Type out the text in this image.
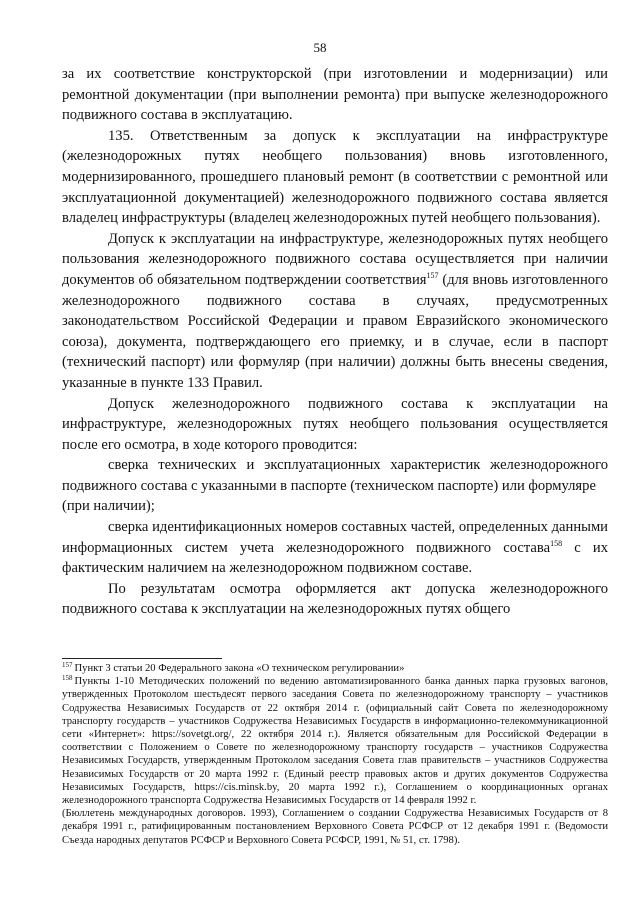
58

за их соответствие конструкторской (при изготовлении и модернизации) или ремонтной документации (при выполнении ремонта) при выпуске железнодорожного подвижного состава в эксплуатацию.

135. Ответственным за допуск к эксплуатации на инфраструктуре (железнодорожных путях необщего пользования) вновь изготовленного, модернизированного, прошедшего плановый ремонт (в соответствии с ремонтной или эксплуатационной документацией) железнодорожного подвижного состава является владелец инфраструктуры (владелец железнодорожных путей необщего пользования).

Допуск к эксплуатации на инфраструктуре, железнодорожных путях необщего пользования железнодорожного подвижного состава осуществляется при наличии документов об обязательном подтверждении соответствия$^{157}$ (для вновь изготовленного железнодорожного подвижного состава в случаях, предусмотренных законодательством Российской Федерации и правом Евразийского экономического союза), документа, подтверждающего его приемку, и в случае, если в паспорт (технический паспорт) или формуляр (при наличии) должны быть внесены сведения, указанные в пункте 133 Правил.

Допуск железнодорожного подвижного состава к эксплуатации на инфраструктуре, железнодорожных путях необщего пользования осуществляется после его осмотра, в ходе которого проводится:

сверка технических и эксплуатационных характеристик железнодорожного подвижного состава с указанными в паспорте (техническом паспорте) или формуляре

(при наличии);

сверка идентификационных номеров составных частей, определенных данными информационных систем учета железнодорожного подвижного состава$^{158}$ с их фактическим наличием на железнодорожном подвижном составе.

По результатам осмотра оформляется акт допуска железнодорожного подвижного состава к эксплуатации на железнодорожных путях общего

$^{157}$ Пункт 3 статьи 20 Федерального закона «О техническом регулировании»

$^{158}$ Пункты 1-10 Методических положений по ведению автоматизированного банка данных парка грузовых вагонов, утвержденных Протоколом шестьдесят первого заседания Совета по железнодорожному транспорту – участников Содружества Независимых Государств от 22 октября 2014 г. (официальный сайт Совета по железнодорожному транспорту государств – участников Содружества Независимых Государств в информационно-телекоммуникационной сети «Интернет»: https://sovetgt.org/, 22 октября 2014 г.). Является обязательным для Российской Федерации в соответствии с Положением о Совете по железнодорожному транспорту государств – участников Содружества Независимых Государств, утвержденным Протоколом заседания Совета глав правительств – участников Содружества Независимых Государств от 20 марта 1992 г. (Единый реестр правовых актов и других документов Содружества Независимых Государств, https://cis.minsk.by, 20 марта 1992 г.), Соглашением о координационных органах железнодорожного транспорта Содружества Независимых Государств от 14 февраля 1992 г.

(Бюллетень международных договоров. 1993), Соглашением о создании Содружества Независимых Государств от 8 декабря 1991 г., ратифицированным постановлением Верховного Совета РСФСР от 12 декабря 1991 г. (Ведомости Съезда народных депутатов РСФСР и Верховного Совета РСФСР, 1991, № 51, ст. 1798).
